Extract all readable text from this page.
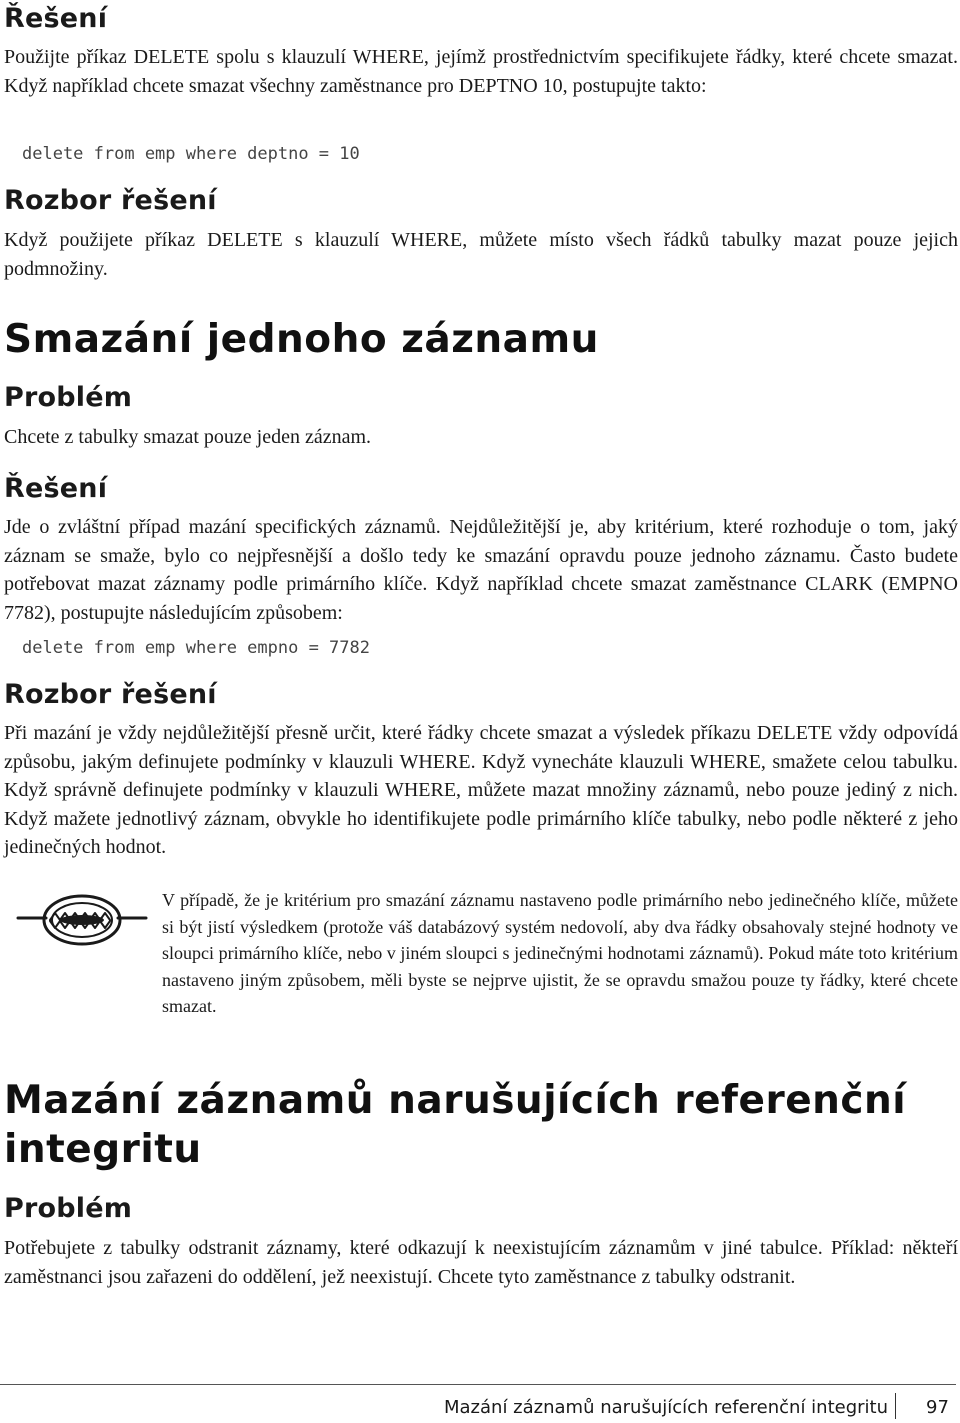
Řešení

Použijte příkaz DELETE spolu s klauzulí WHERE, jejímž prostřednictvím specifikujete řádky, které chcete smazat. Když například chcete smazat všechny zaměstnance pro DEPTNO 10, postupujte takto:

delete from emp where deptno = 10
Rozbor řešení

Když použijete příkaz DELETE s klauzulí WHERE, můžete místo všech řádků tabulky mazat pouze jejich podmnožiny.

Smazání jednoho záznamu
Problém

Chcete z tabulky smazat pouze jeden záznam.

Řešení

Jde o zvláštní případ mazání specifických záznamů. Nejdůležitější je, aby kritérium, které rozhoduje o tom, jaký záznam se smaže, bylo co nejpřesnější a došlo tedy ke smazání opravdu pouze jednoho záznamu. Často budete potřebovat mazat záznamy podle primárního klíče. Když například chcete smazat zaměstnance CLARK (EMPNO 7782), postupujte následujícím způsobem:

delete from emp where empno = 7782
Rozbor řešení

Při mazání je vždy nejdůležitější přesně určit, které řádky chcete smazat a výsledek příkazu DELETE vždy odpovídá způsobu, jakým definujete podmínky v klauzuli WHERE. Když vynecháte klauzuli WHERE, smažete celou tabulku. Když správně definujete podmínky v klauzuli WHERE, můžete mazat množiny záznamů, nebo pouze jediný z nich. Když mažete jednotlivý záznam, obvykle ho identifikujete podle primárního klíče tabulky, nebo podle některé z jeho jedinečných hodnot.

V případě, že je kritérium pro smazání záznamu nastaveno podle primárního nebo jedinečného klíče, můžete si být jistí výsledkem (protože váš databázový systém nedovolí, aby dva řádky obsahovaly stejné hodnoty ve sloupci primárního klíče, nebo v jiném sloupci s jedinečnými hodnotami záznamů). Pokud máte toto kritérium nastaveno jiným způsobem, měli byste se nejprve ujistit, že se opravdu smažou pouze ty řádky, které chcete smazat.

Mazání záznamů narušujících referenční
integritu
Problém

Potřebujete z tabulky odstranit záznamy, které odkazují k neexistujícím záznamům v jiné tabulce. Příklad: někteří zaměstnanci jsou zařazeni do oddělení, jež neexistují. Chcete tyto zaměstnance z tabulky odstranit.

Mazání záznamů narušujících referenční integritu 97
